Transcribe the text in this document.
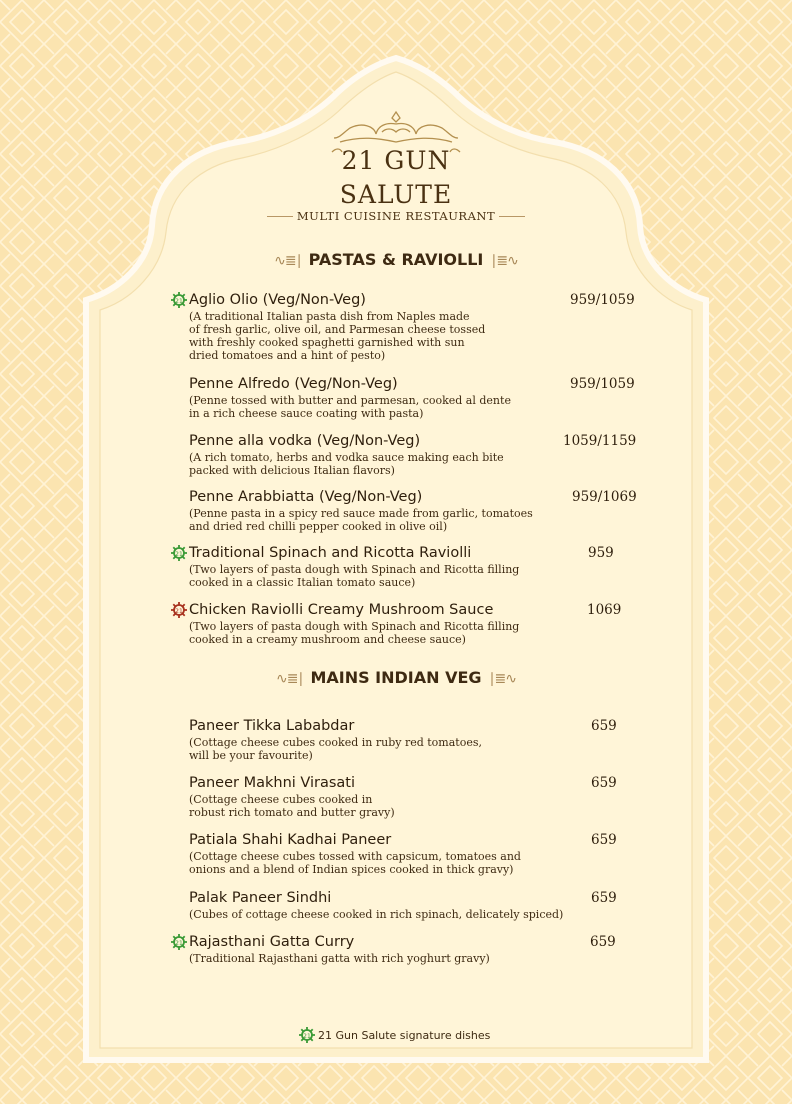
21 GUN
SALUTE
MULTI CUISINE RESTAURANT
∿≣∣ PASTAS & RAVIOLLI ∣≣∿
Aglio Olio (Veg/Non-Veg)
(A traditional Italian pasta dish from Naples made
of fresh garlic, olive oil, and Parmesan cheese tossed
with freshly cooked spaghetti garnished with sun
dried tomatoes and a hint of pesto)
959/1059
21
Penne Alfredo (Veg/Non-Veg)
(Penne tossed with butter and parmesan, cooked al dente
in a rich cheese sauce coating with pasta)
959/1059
Penne alla vodka (Veg/Non-Veg)
(A rich tomato, herbs and vodka sauce making each bite
packed with delicious Italian flavors)
1059/1159
Penne Arabbiatta (Veg/Non-Veg)
(Penne pasta in a spicy red sauce made from garlic, tomatoes
and dried red chilli pepper cooked in olive oil)
959/1069
Traditional Spinach and Ricotta Raviolli
(Two layers of pasta dough with Spinach and Ricotta filling
cooked in a classic Italian tomato sauce)
959
21
Chicken Raviolli Creamy Mushroom Sauce
(Two layers of pasta dough with Spinach and Ricotta filling
cooked in a creamy mushroom and cheese sauce)
1069
21
∿≣∣ MAINS INDIAN VEG ∣≣∿
Paneer Tikka Lababdar
(Cottage cheese cubes cooked in ruby red tomatoes,
will be your favourite)
659
Paneer Makhni Virasati
(Cottage cheese cubes cooked in
robust rich tomato and butter gravy)
659
Patiala Shahi Kadhai Paneer
(Cottage cheese cubes tossed with capsicum, tomatoes and
onions and a blend of Indian spices cooked in thick gravy)
659
Palak Paneer Sindhi
(Cubes of cottage cheese cooked in rich spinach, delicately spiced)
659
Rajasthani Gatta Curry
(Traditional Rajasthani gatta with rich yoghurt gravy)
659
21
21 21 Gun Salute signature dishes
